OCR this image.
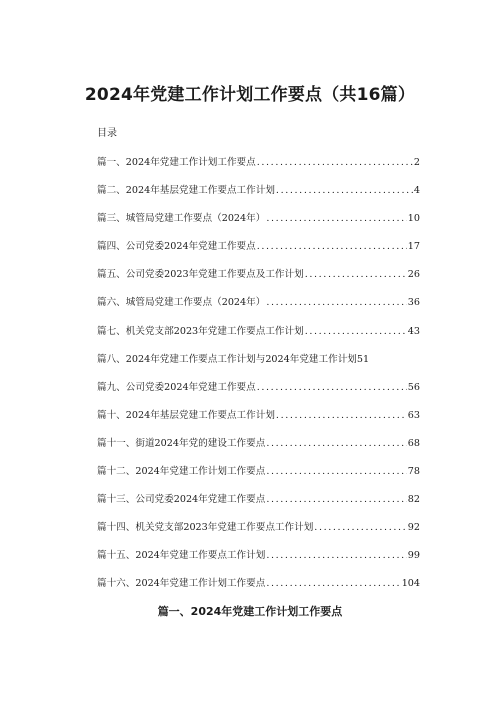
2024年党建工作计划工作要点（共16篇）
目录
篇一、2024年党建工作计划工作要点 .....	2
篇二、2024年基层党建工作要点工作计划 .....	4
篇三、城管局党建工作要点（2024年） .....	10
篇四、公司党委2024年党建工作要点 .....	17
篇五、公司党委2023年党建工作要点及工作计划 .....	26
篇六、城管局党建工作要点（2024年） .....	36
篇七、机关党支部2023年党建工作要点工作计划 .....	43
篇八、2024年党建工作要点工作计划与2024年党建工作计划 51
篇九、公司党委2024年党建工作要点 .....	56
篇十、2024年基层党建工作要点工作计划 .....	63
篇十一、街道2024年党的建设工作要点 .....	68
篇十二、2024年党建工作计划工作要点 .....	78
篇十三、公司党委2024年党建工作要点 .....	82
篇十四、机关党支部2023年党建工作要点工作计划 .....	92
篇十五、2024年党建工作要点工作计划 .....	99
篇十六、2024年党建工作计划工作要点 .....	104
篇一、2024年党建工作计划工作要点
